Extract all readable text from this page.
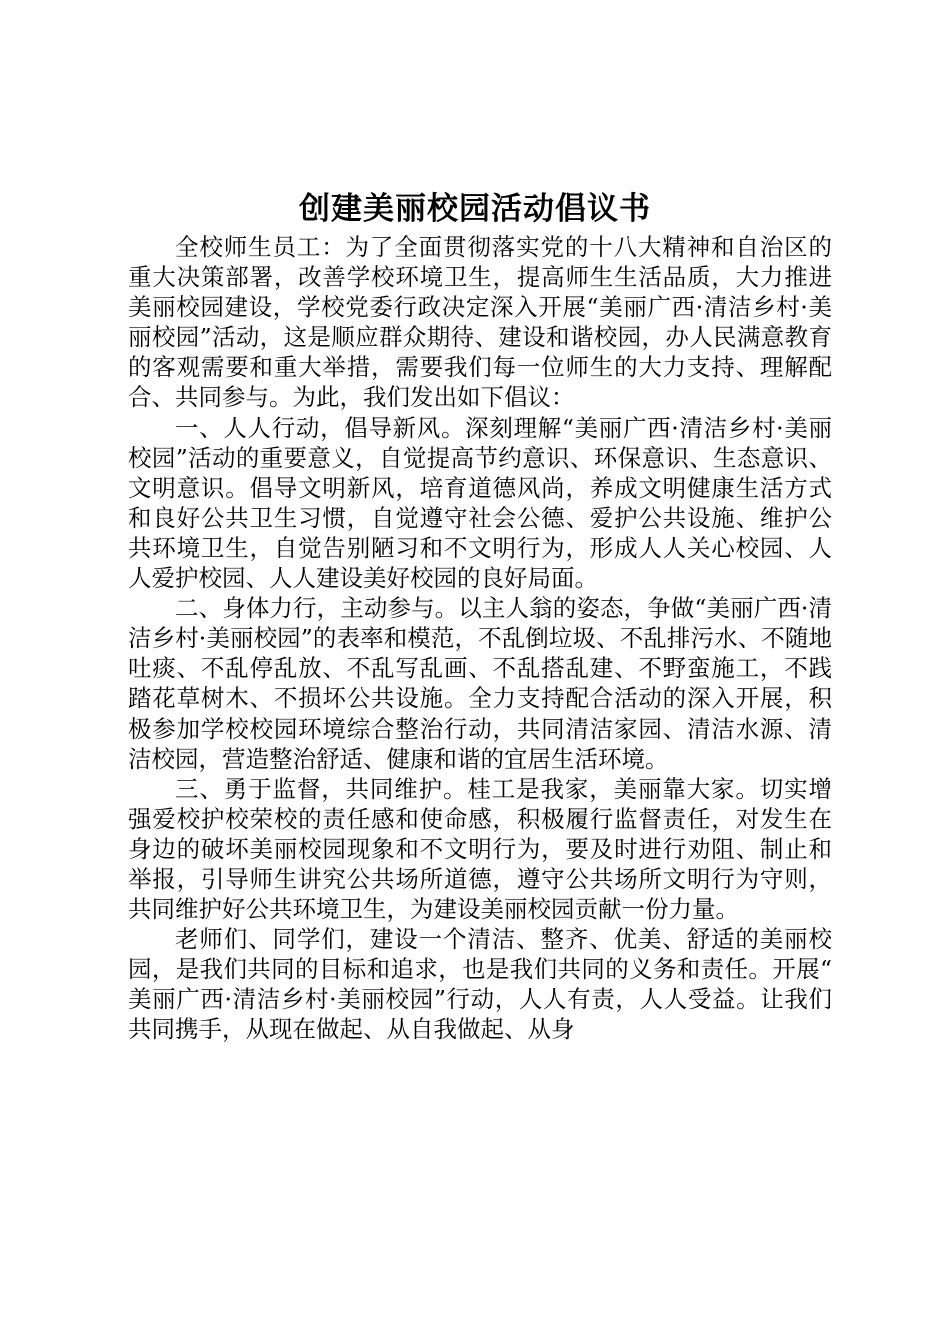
创建美丽校园活动倡议书

全校师生员工：为了全面贯彻落实党的十八大精神和自治区的重大决策部署，改善学校环境卫生，提高师生生活品质，大力推进美丽校园建设，学校党委行政决定深入开展“美丽广西·清洁乡村·美丽校园”活动，这是顺应群众期待、建设和谐校园，办人民满意教育的客观需要和重大举措，需要我们每一位师生的大力支持、理解配合、共同参与。为此，我们发出如下倡议：

一、人人行动，倡导新风。深刻理解“美丽广西·清洁乡村·美丽校园”活动的重要意义，自觉提高节约意识、环保意识、生态意识、文明意识。倡导文明新风，培育道德风尚，养成文明健康生活方式和良好公共卫生习惯，自觉遵守社会公德、爱护公共设施、维护公共环境卫生，自觉告别陋习和不文明行为，形成人人关心校园、人人爱护校园、人人建设美好校园的良好局面。

二、身体力行，主动参与。以主人翁的姿态，争做“美丽广西·清洁乡村·美丽校园”的表率和模范，不乱倒垃圾、不乱排污水、不随地吐痰、不乱停乱放、不乱写乱画、不乱搭乱建、不野蛮施工，不践踏花草树木、不损坏公共设施。全力支持配合活动的深入开展，积极参加学校校园环境综合整治行动，共同清洁家园、清洁水源、清洁校园，营造整治舒适、健康和谐的宜居生活环境。

三、勇于监督，共同维护。桂工是我家，美丽靠大家。切实增强爱校护校荣校的责任感和使命感，积极履行监督责任，对发生在身边的破坏美丽校园现象和不文明行为，要及时进行劝阻、制止和举报，引导师生讲究公共场所道德，遵守公共场所文明行为守则，共同维护好公共环境卫生，为建设美丽校园贡献一份力量。

老师们、同学们，建设一个清洁、整齐、优美、舒适的美丽校园，是我们共同的目标和追求，也是我们共同的义务和责任。开展“美丽广西·清洁乡村·美丽校园”行动，人人有责，人人受益。让我们共同携手，从现在做起、从自我做起、从身
